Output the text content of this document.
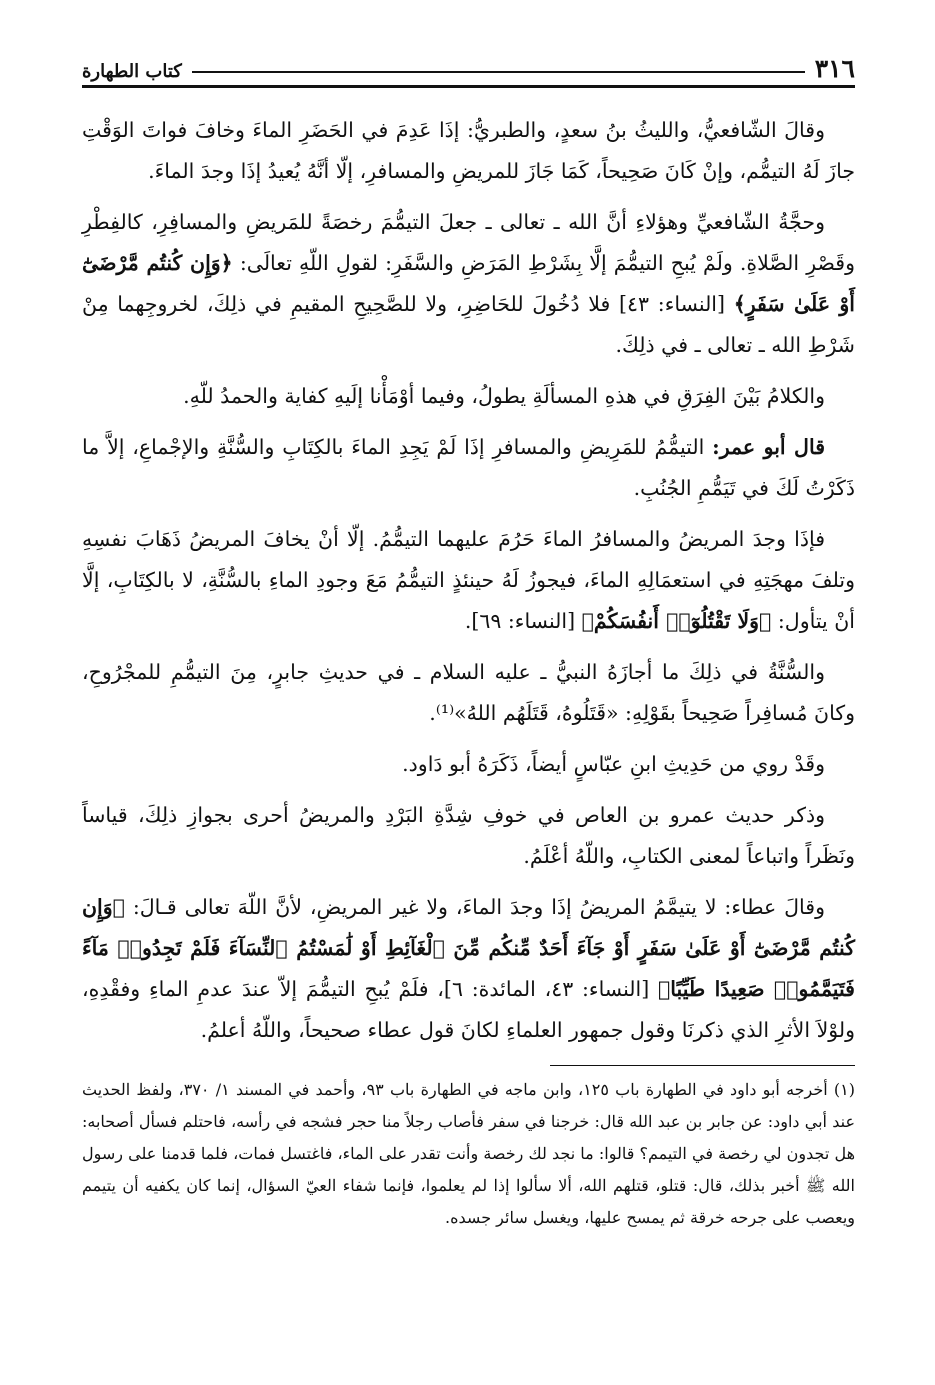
٣١٦
كتاب الطهارة

وقالَ الشّافعيُّ، والليثُ بنُ سعدٍ، والطبريُّ: إذَا عَدِمَ في الحَضَرِ الماءَ وخافَ فواتَ الوَقْتِ جازَ لَهُ التيمُّم، وإنْ كَانَ صَحِيحاً، كَمَا جَازَ للمريضِ والمسافرِ، إلّا أنَّهُ يُعيدُ إذَا وجدَ الماءَ.

وحجَّةُ الشّافعيِّ وهؤلاءِ أنَّ الله ـ تعالى ـ جعلَ التيمُّمَ رخصَةً للمَريضِ والمسافِرِ، كالفِطْرِ وقَصْرِ الصَّلاةِ. ولَمْ يُبحِ التيمُّمَ إلَّا بِشَرْطِ المَرَضِ والسَّفَرِ: لقولِ اللّهِ تعالَى: ﴿وَإِن كُنتُم مَّرْضَىٰٓ أَوْ عَلَىٰ سَفَرٍ﴾ [النساء: ٤٣] فلا دُخُولَ للحَاضِرِ، ولا للصَّحِيحِ المقيمِ في ذلِكَ، لخروجِهما مِنْ شَرْطِ الله ـ تعالى ـ في ذلِكَ.

والكلامُ بَيْنَ الفِرَقِ في هذهِ المسألَةِ يطولُ، وفيما أوْمَأْنا إلَيهِ كفاية والحمدُ للّهِ.

قال أبو عمر: التيمُّمُ للمَرِيضِ والمسافرِ إذَا لَمْ يَجِدِ الماءَ بالكِتَابِ والسُّنَّةِ والإجْماعِ، إلاَّ ما ذَكَرْتُ لَكَ في تَيَمُّمِ الجُنُبِ.

فإذَا وجدَ المريضُ والمسافرُ الماءَ حَرُمَ عليهما التيمُّمُ. إلّا أنْ يخافَ المريضُ ذَهَابَ نفسِهِ وتلفَ مهجَتِهِ في استعمَالِهِ الماءَ، فيجوزُ لَهُ حينئذٍ التيمُّمُ مَعَ وجودِ الماءِ بالسُّنَّةِ، لا بالكِتَابِ، إلَّا أنْ يتأول: ﴿وَلَا تَقْتُلُوٓا۟ أَنفُسَكُمْ﴾ [النساء: ٦٩].

والسُّنَّةُ في ذلِكَ ما أجازَهُ النبيُّ ـ عليه السلام ـ في حديثِ جابرٍ، مِنَ التيمُّمِ للمجْرُوحِ، وكانَ مُسافِراً صَحِيحاً بقَوْلِهِ: «قَتَلُوهُ، قَتَلَهُم اللهُ»⁽¹⁾.

وقَدْ روي من حَدِيثِ ابنِ عبّاسٍ أيضاً، ذَكَرَهُ أبو دَاود.

وذكر حديث عمرو بن العاص في خوفِ شِدَّةِ البَرْدِ والمريضُ أحرى بجوازِ ذلِكَ، قياساً ونَظَراً واتباعاً لمعنى الكتابِ، واللّهُ أعْلَمُ.

وقالَ عطاء: لا يتيمَّمُ المريضُ إذَا وجدَ الماءَ، ولا غير المريضِ، لأنَّ اللّهَ تعالى قـالَ: ﴿وَإِن كُنتُم مَّرْضَىٰٓ أَوْ عَلَىٰ سَفَرٍ أَوْ جَآءَ أَحَدٌ مِّنكُم مِّنَ ٱلْغَآئِطِ أَوْ لَٰمَسْتُمُ ٱلنِّسَآءَ فَلَمْ تَجِدُوا۟ مَآءً فَتَيَمَّمُوا۟ صَعِيدًا طَيِّبًا﴾ [النساء: ٤٣، المائدة: ٦]، فلَمْ يُبحِ التيمُّمَ إلاّ عندَ عدمِ الماءِ وفقْدِهِ، ولوْلاَ الأثرِ الذي ذكرنَا وقول جمهور العلماءِ لكانَ قول عطاء صحيحاً، واللّهُ أعلمُ.

(١) أخرجه أبو داود في الطهارة باب ١٢٥، وابن ماجه في الطهارة باب ٩٣، وأحمد في المسند ١/ ٣٧٠، ولفظ الحديث عند أبي داود: عن جابر بن عبد الله قال: خرجنا في سفر فأصاب رجلاً منا حجر فشجه في رأسه، فاحتلم فسأل أصحابه: هل تجدون لي رخصة في التيمم؟ قالوا: ما نجد لك رخصة وأنت تقدر على الماء، فاغتسل فمات، فلما قدمنا على رسول الله ﷺ أخبر بذلك، قال: قتلو، قتلهم الله، ألا سألوا إذا لم يعلموا، فإنما شفاء العيّ السؤال، إنما كان يكفيه أن يتيمم ويعصب على جرحه خرقة ثم يمسح عليها، ويغسل سائر جسده.
